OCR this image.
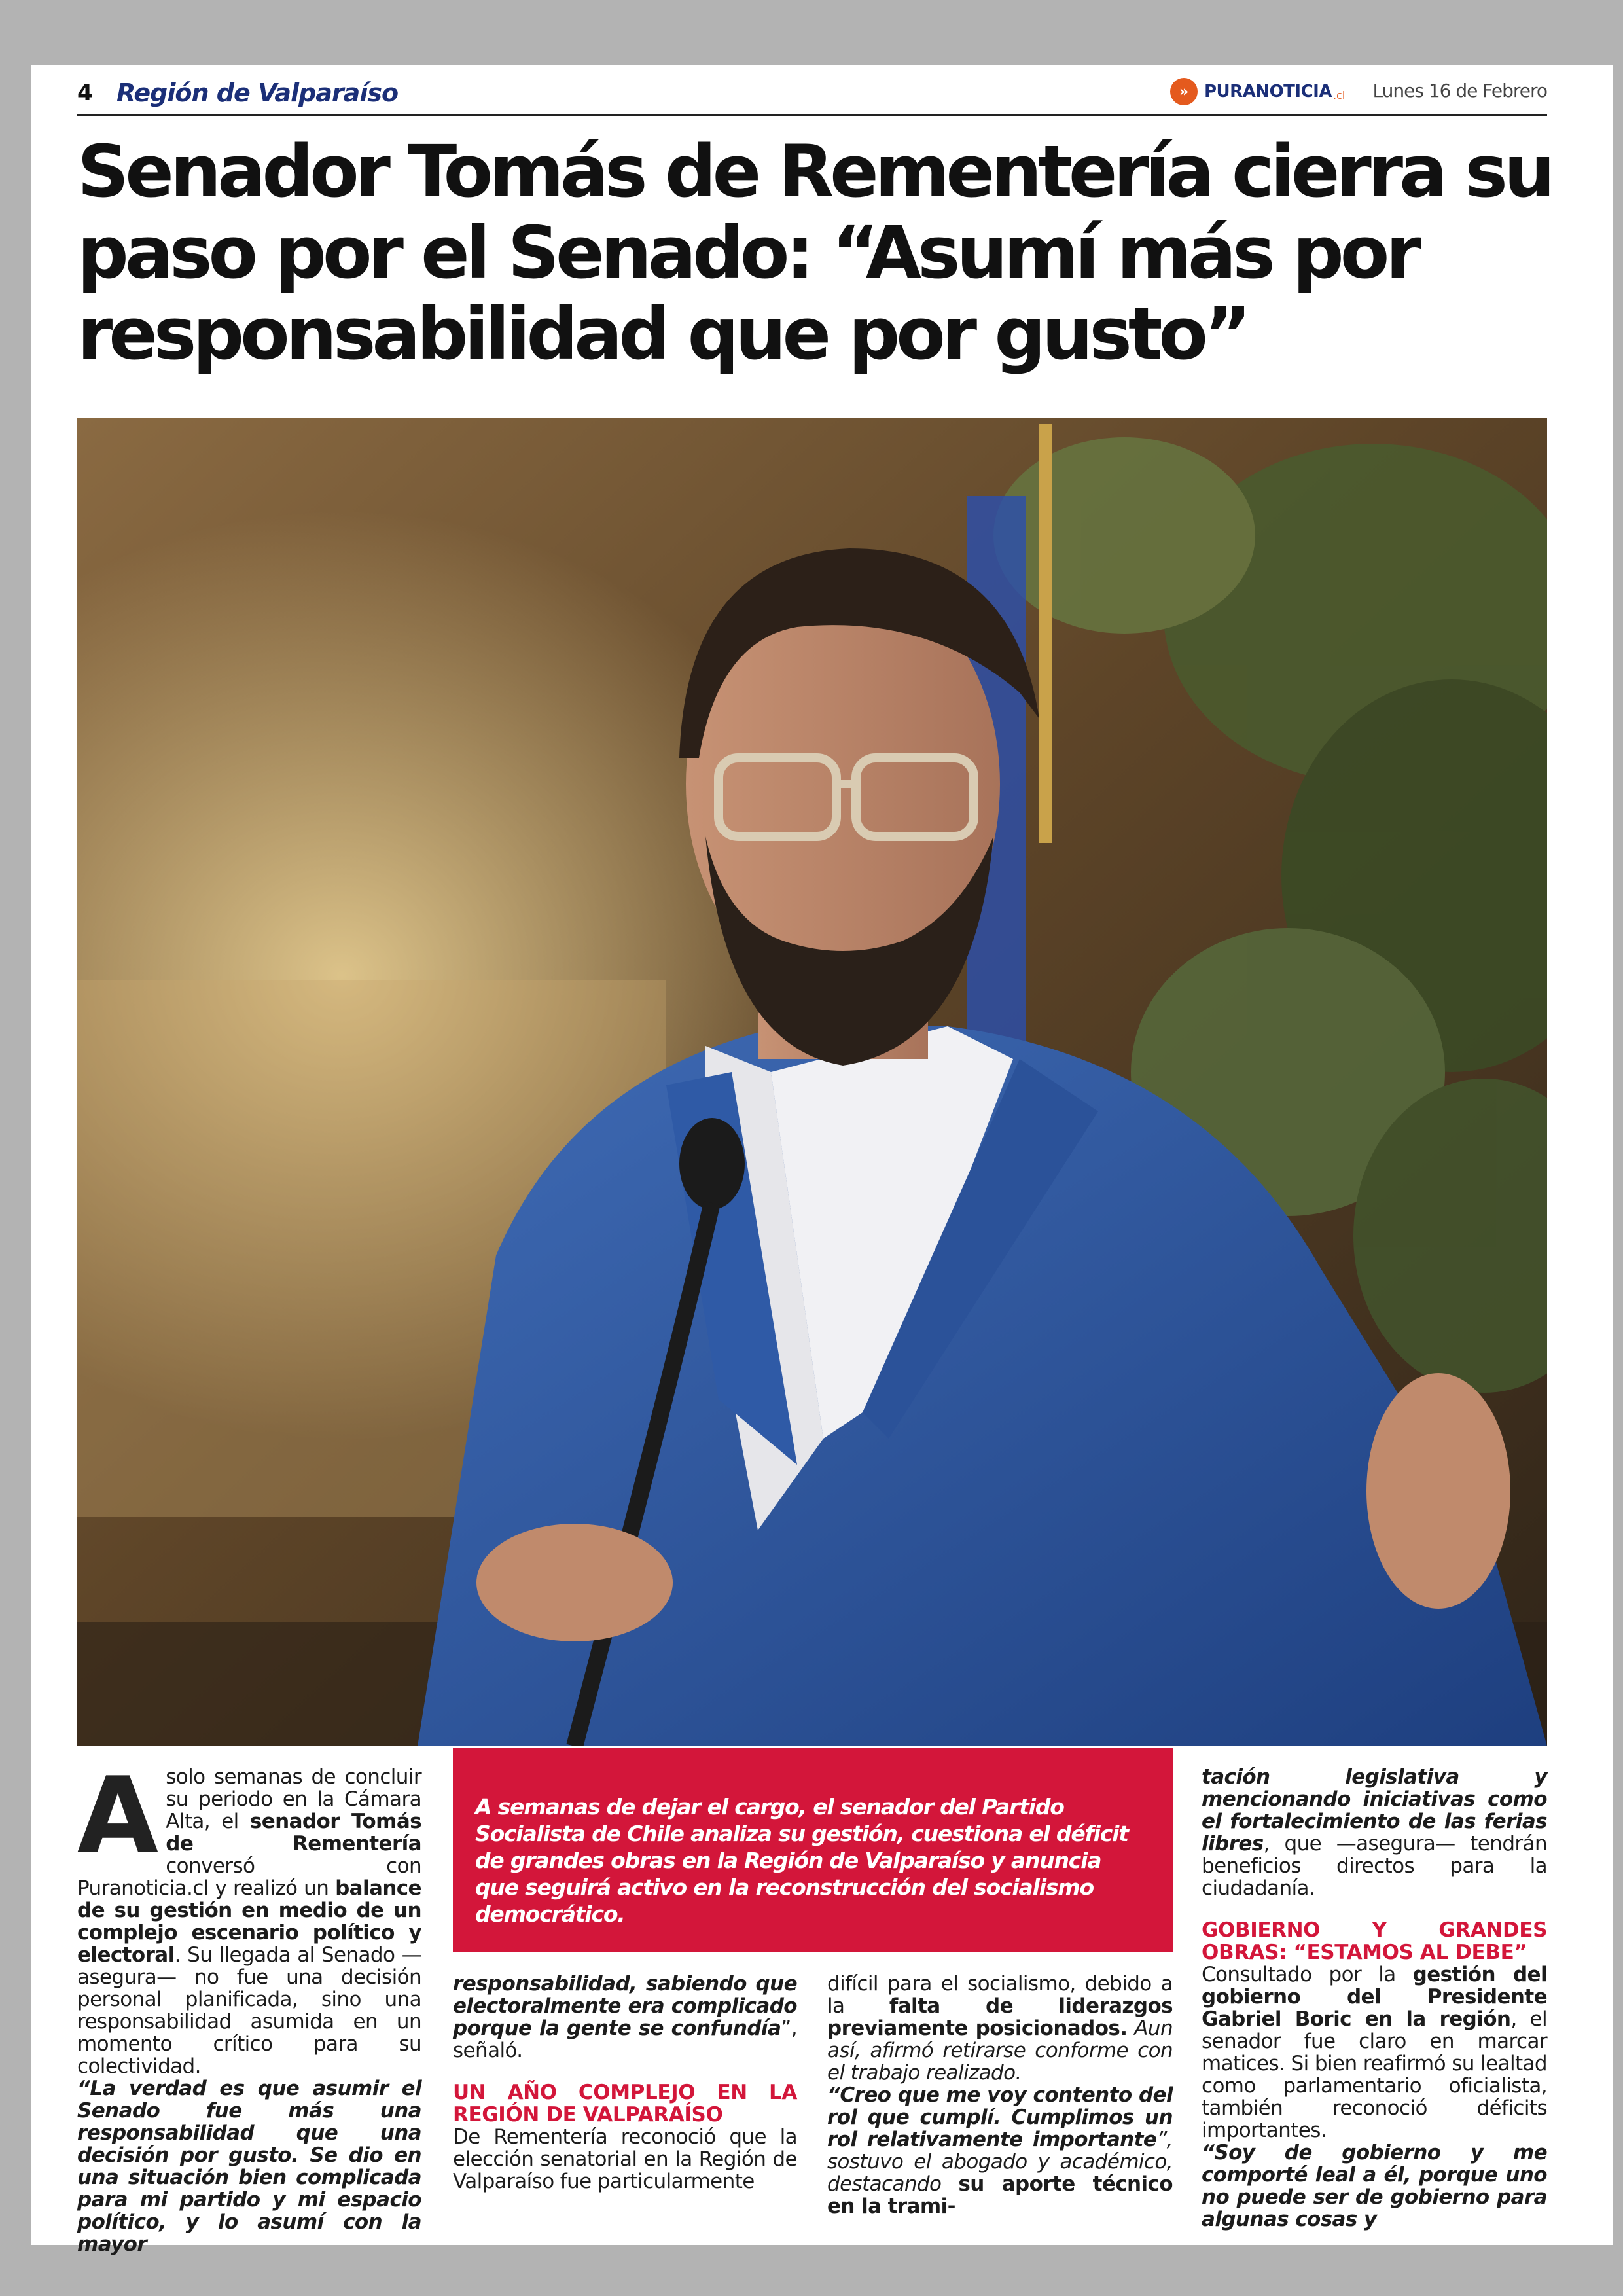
4 Región de Valparaíso	» PURANOTICIA .cl Lunes 16 de Febrero
Senador Tomás de Rementería cierra su paso por el Senado: “Asumí más por responsabilidad que por gusto”

A solo semanas de concluir su periodo en la Cámara Alta, el senador Tomás de Rementería conversó con Puranoticia.cl y realizó un balance de su gestión en medio de un complejo escenario político y electoral. Su llegada al Senado —asegura— no fue una decisión personal planificada, sino una responsabilidad asumida en un momento crítico para su colectividad.

“La verdad es que asumir el Senado fue más una responsabilidad que una decisión por gusto. Se dio en una situación bien complicada para mi partido y mi espacio político, y lo asumí con la mayor

A semanas de dejar el cargo, el senador del Partido Socialista de Chile analiza su gestión, cuestiona el déficit de grandes obras en la Región de Valparaíso y anuncia que seguirá activo en la reconstrucción del socialismo democrático.

responsabilidad, sabiendo que electoralmente era complicado porque la gente se confundía”, señaló.

UN AÑO COMPLEJO EN LA REGIÓN DE VALPARAÍSO

De Rementería reconoció que la elección senatorial en la Región de Valparaíso fue particularmente

difícil para el socialismo, debido a la falta de liderazgos previamente posicionados. Aun así, afirmó retirarse conforme con el trabajo realizado.

“Creo que me voy contento del rol que cumplí. Cumplimos un rol relativamente importante”, sostuvo el abogado y académico, destacando su aporte técnico en la trami-

tación legislativa y mencionando iniciativas como el fortalecimiento de las ferias libres, que —asegura— tendrán beneficios directos para la ciudadanía.

GOBIERNO Y GRANDES OBRAS: “ESTAMOS AL DEBE”

Consultado por la gestión del gobierno del Presidente Gabriel Boric en la región, el senador fue claro en marcar matices. Si bien reafirmó su lealtad como parlamentario oficialista, también reconoció déficits importantes.

“Soy de gobierno y me comporté leal a él, porque uno no puede ser de gobierno para algunas cosas y
